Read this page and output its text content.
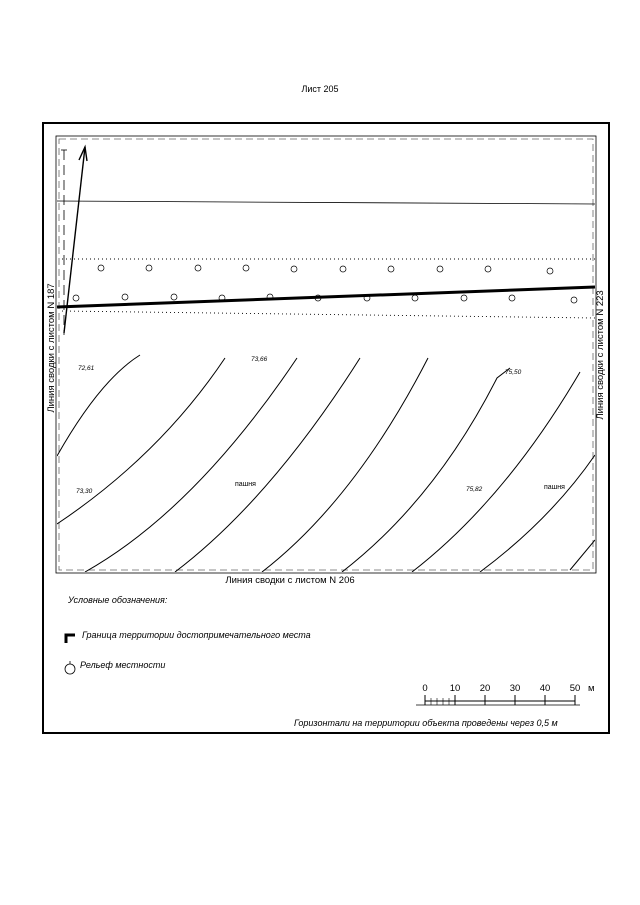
Лист 205
72,61
73,66
75,50
73,30	75,82
пашня	пашня
Линия сводки с листом N 187	Линия сводки с листом N 223
Линия сводки с листом N 206
Условные обозначения:
Граница территории достопримечательного места
Рельеф местности
0 10 20 30 40 50 м
Горизонтали на территории объекта проведены через 0,5 м
